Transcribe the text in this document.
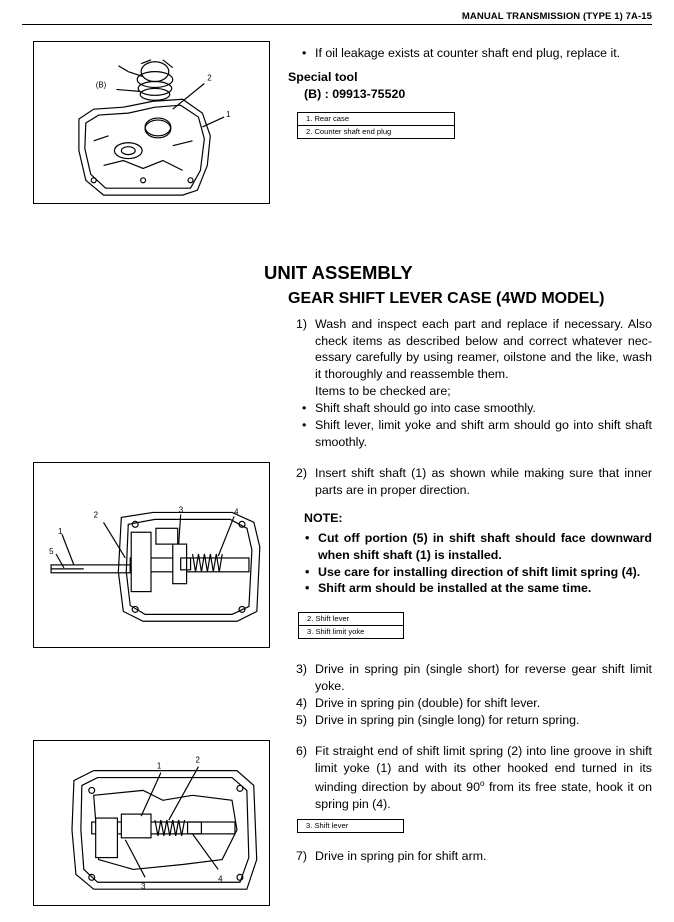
MANUAL TRANSMISSION (TYPE 1) 7A-15
(B)
2
1
• If oil leakage exists at counter shaft end plug, replace it.
Special tool
(B) : 09913-75520
1. Rear case
2. Counter shaft end plug
UNIT ASSEMBLY
GEAR SHIFT LEVER CASE (4WD MODEL)
1) Wash and inspect each part and replace if necessary. Also check items as described below and correct whatever nec-essary carefully by using reamer, oilstone and the like, wash it thoroughly and reassemble them.
Items to be checked are;
• Shift shaft should go into case smoothly.
• Shift lever, limit yoke and shift arm should go into shift shaft smoothly.
2
1
5
3	4
2) Insert shift shaft (1) as shown while making sure that inner parts are in proper direction.
NOTE:
• Cut off portion (5) in shift shaft should face downward when shift shaft (1) is installed.
• Use care for installing direction of shift limit spring (4).
• Shift arm should be installed at the same time.
2. Shift lever
3. Shift limit yoke
3) Drive in spring pin (single short) for reverse gear shift limit yoke.
4) Drive in spring pin (double) for shift lever.
5) Drive in spring pin (single long) for return spring.
1
2
3
4
6) Fit straight end of shift limit spring (2) into line groove in shift limit yoke (1) and with its other hooked end turned in its winding direction by about 90$^o$ from its free state, hook it on spring pin (4).
3. Shift lever
7) Drive in spring pin for shift arm.
